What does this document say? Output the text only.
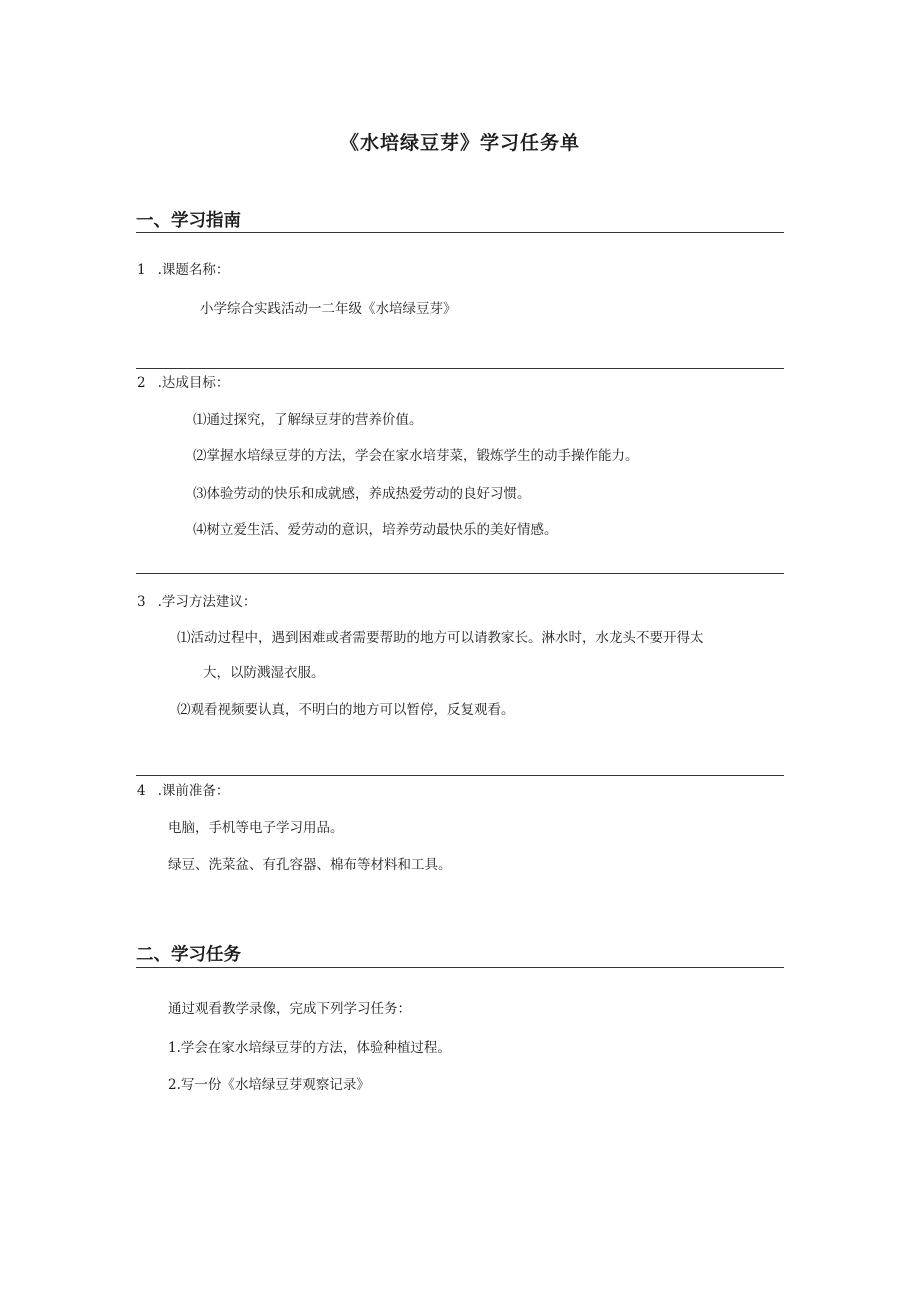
《水培绿豆芽》学习任务单
一、学习指南
1 .课题名称：
小学综合实践活动一二年级《水培绿豆芽》
2 .达成目标：
⑴通过探究，了解绿豆芽的营养价值。
⑵掌握水培绿豆芽的方法，学会在家水培芽菜，锻炼学生的动手操作能力。
⑶体验劳动的快乐和成就感，养成热爱劳动的良好习惯。
⑷树立爱生活、爱劳动的意识，培养劳动最快乐的美好情感。
3 .学习方法建议：
⑴活动过程中，遇到困难或者需要帮助的地方可以请教家长。淋水时，水龙头不要开得太
大，以防溅湿衣服。
⑵观看视频要认真，不明白的地方可以暂停，反复观看。
4 .课前准备：
电脑，手机等电子学习用品。
绿豆、洗菜盆、有孔容器、棉布等材料和工具。
二、学习任务
通过观看教学录像，完成下列学习任务：
1.学会在家水培绿豆芽的方法，体验种植过程。
2.写一份《水培绿豆芽观察记录》
